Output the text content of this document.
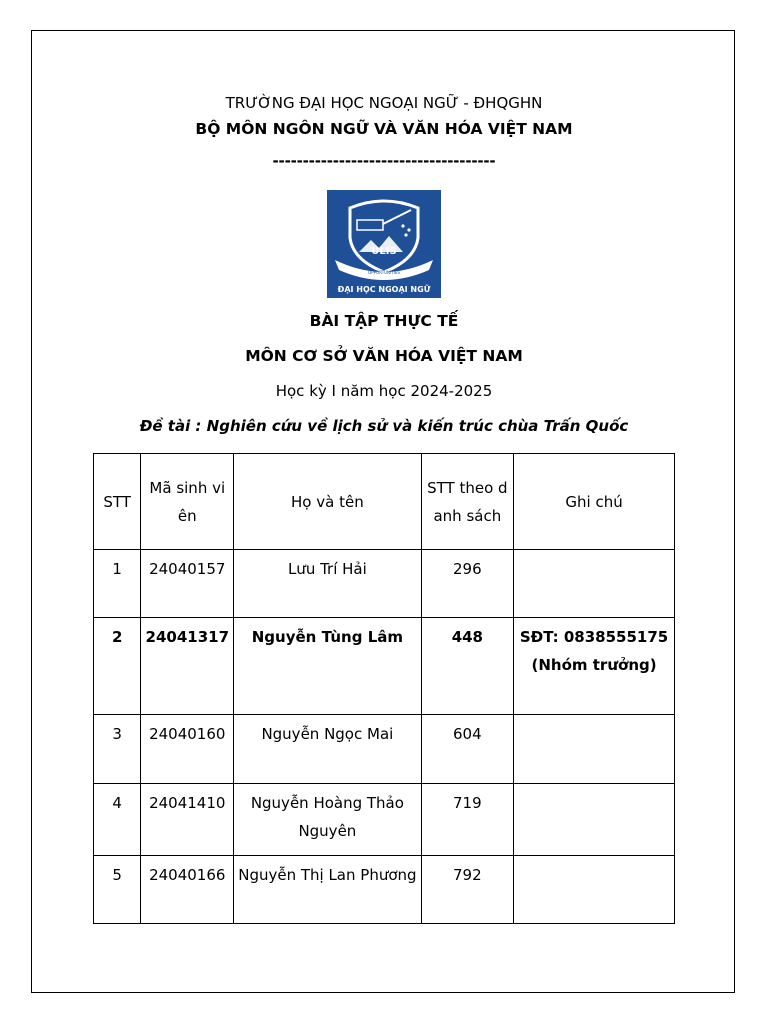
TRƯỜNG ĐẠI HỌC NGOẠI NGỮ - ĐHQGHN
BỘ MÔN NGÔN NGỮ VÀ VĂN HÓA VIỆT NAM
-------------------------------------
ULIS
OPPORTUNITIES
ĐẠI HỌC NGOẠI NGỮ
BÀI TẬP THỰC TẾ
MÔN CƠ SỞ VĂN HÓA VIỆT NAM
Học kỳ I năm học 2024-2025
Đề tài : Nghiên cứu về lịch sử và kiến trúc chùa Trấn Quốc
STT	Mã sinh viên	Họ và tên	STT theo danh sách	Ghi chú
1	24040157	Lưu Trí Hải	296	
2	24041317	Nguyễn Tùng Lâm	448	SĐT: 0838555175 (Nhóm trưởng)
3	24040160	Nguyễn Ngọc Mai	604	
4	24041410	Nguyễn Hoàng Thảo Nguyên	719	
5	24040166	Nguyễn Thị Lan Phương	792	
